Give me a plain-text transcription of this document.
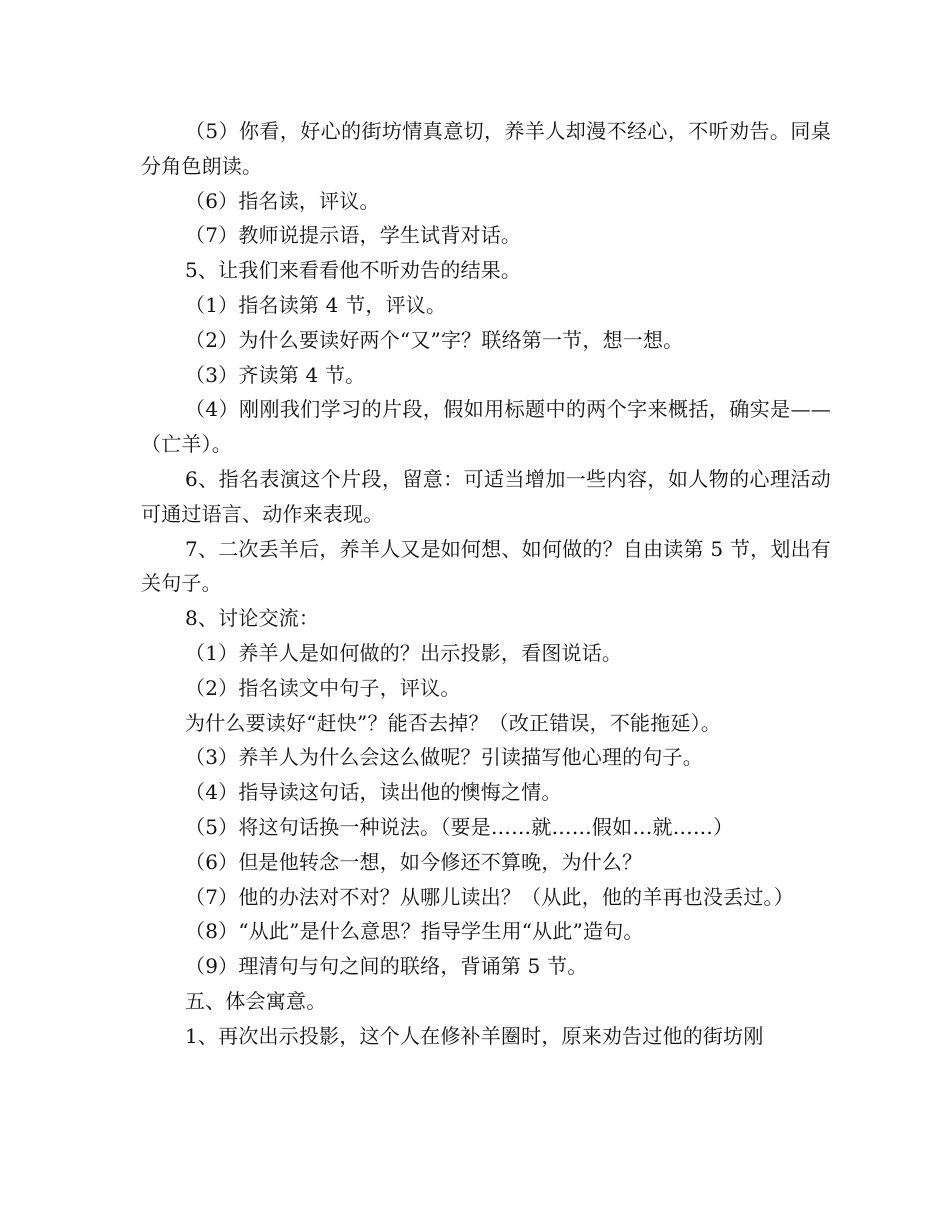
（5）你看，好心的街坊情真意切，养羊人却漫不经心，不听劝告。同桌分角色朗读。

（6）指名读，评议。

（7）教师说提示语，学生试背对话。

5、让我们来看看他不听劝告的结果。

（1）指名读第 4 节，评议。

（2）为什么要读好两个“又”字？联络第一节，想一想。

（3）齐读第 4 节。

（4）刚刚我们学习的片段，假如用标题中的两个字来概括，确实是——（亡羊）。

6、指名表演这个片段，留意：可适当增加一些内容，如人物的心理活动可通过语言、动作来表现。

7、二次丢羊后，养羊人又是如何想、如何做的？自由读第 5 节，划出有关句子。

8、讨论交流：

（1）养羊人是如何做的？出示投影，看图说话。

（2）指名读文中句子，评议。

为什么要读好“赶快”？能否去掉？（改正错误，不能拖延）。

（3）养羊人为什么会这么做呢？引读描写他心理的句子。

（4）指导读这句话，读出他的懊悔之情。

（5）将这句话换一种说法。（要是……就……假如…就……）

（6）但是他转念一想，如今修还不算晚，为什么？

（7）他的办法对不对？从哪儿读出？（从此，他的羊再也没丢过。）

（8）“从此”是什么意思？指导学生用“从此”造句。

（9）理清句与句之间的联络，背诵第 5 节。

五、体会寓意。

1、再次出示投影，这个人在修补羊圈时，原来劝告过他的街坊刚
